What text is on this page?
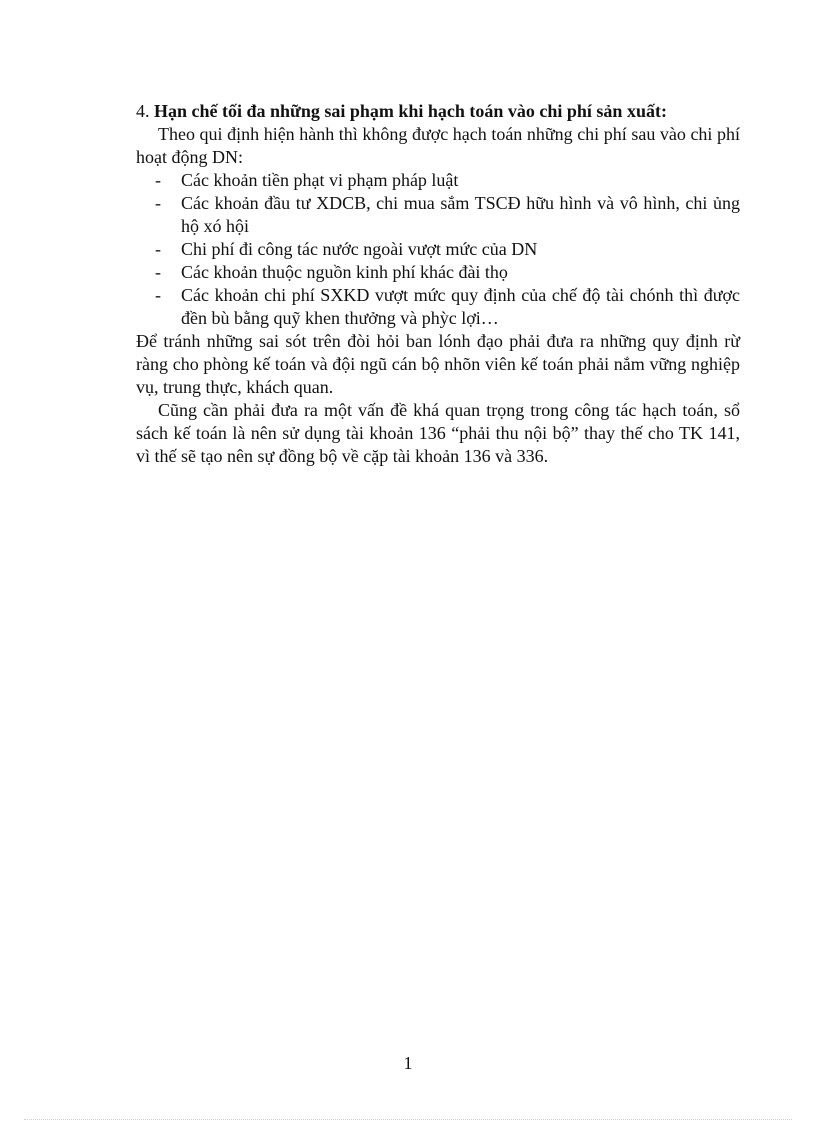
4. Hạn chế tối đa những sai phạm khi hạch toán vào chi phí sản xuất:

Theo qui định hiện hành thì không được hạch toán những chi phí sau vào chi phí hoạt động DN:

- Các khoản tiền phạt vi phạm pháp luật
- Các khoản đầu tư XDCB, chi mua sắm TSCĐ hữu hình và vô hình, chi ủng hộ xó hội
- Chi phí đi công tác nước ngoài vượt mức của DN
- Các khoản thuộc nguồn kinh phí khác đài thọ
- Các khoản chi phí SXKD vượt mức quy định của chế độ tài chónh thì được đền bù bằng quỹ khen thưởng và phỳc lợi…

Để tránh những sai sót trên đòi hỏi ban lónh đạo phải đưa ra những quy định rừ ràng cho phòng kế toán và đội ngũ cán bộ nhõn viên kế toán phải nắm vững nghiệp vụ, trung thực, khách quan.

Cũng cần phải đưa ra một vấn đề khá quan trọng trong công tác hạch toán, sổ sách kế toán là nên sử dụng tài khoản 136 “phải thu nội bộ” thay thế cho TK 141, vì thế sẽ tạo nên sự đồng bộ về cặp tài khoản 136 và 336.

1
